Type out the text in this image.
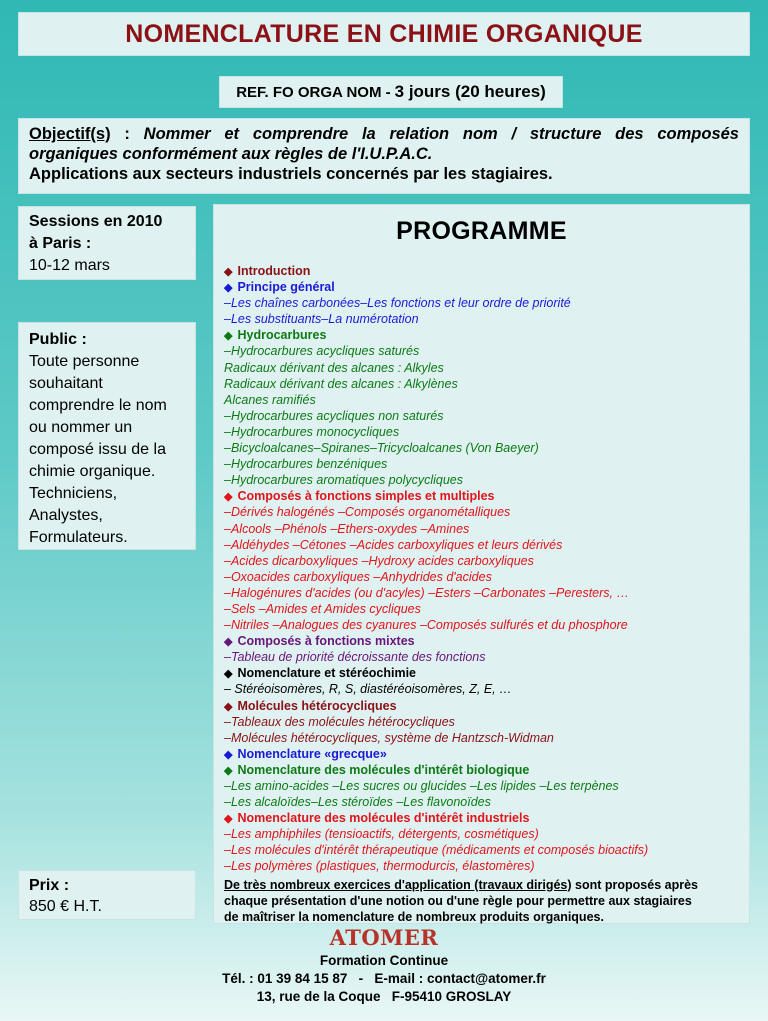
NOMENCLATURE EN CHIMIE ORGANIQUE
REF. FO ORGA NOM - 3 jours (20 heures)
Objectif(s) : Nommer et comprendre la relation nom / structure des composés
organiques conformément aux règles de l'I.U.P.A.C.
Applications aux secteurs industriels concernés par les stagiaires.
Sessions en 2010
à Paris :
10-12 mars
Public :
Toute personne
souhaitant
comprendre le nom
ou nommer un
composé issu de la
chimie organique.
Techniciens,
Analystes,
Formulateurs.
Prix :
850 € H.T.
PROGRAMME
◆ Introduction
◆ Principe général
–Les chaînes carbonées–Les fonctions et leur ordre de priorité
–Les substituants–La numérotation
◆ Hydrocarbures
–Hydrocarbures acycliques saturés
Radicaux dérivant des alcanes : Alkyles
Radicaux dérivant des alcanes : Alkylènes
Alcanes ramifiés
–Hydrocarbures acycliques non saturés
–Hydrocarbures monocycliques
–Bicycloalcanes–Spiranes–Tricycloalcanes (Von Baeyer)
–Hydrocarbures benzéniques
–Hydrocarbures aromatiques polycycliques
◆ Composés à fonctions simples et multiples
–Dérivés halogénés –Composés organométalliques
–Alcools –Phénols –Ethers-oxydes –Amines
–Aldéhydes –Cétones –Acides carboxyliques et leurs dérivés
–Acides dicarboxyliques –Hydroxy acides carboxyliques
–Oxoacides carboxyliques –Anhydrides d'acides
–Halogénures d'acides (ou d'acyles) –Esters –Carbonates –Peresters, …
–Sels –Amides et Amides cycliques
–Nitriles –Analogues des cyanures –Composés sulfurés et du phosphore
◆ Composés à fonctions mixtes
–Tableau de priorité décroissante des fonctions
◆ Nomenclature et stéréochimie
– Stéréoisomères, R, S, diastéréoisomères, Z, E, …
◆ Molécules hétérocycliques
–Tableaux des molécules hétérocycliques
–Molécules hétérocycliques, système de Hantzsch-Widman
◆ Nomenclature «grecque»
◆ Nomenclature des molécules d'intérêt biologique
–Les amino-acides –Les sucres ou glucides –Les lipides –Les terpènes
–Les alcaloïdes–Les stéroïdes –Les flavonoïdes
◆ Nomenclature des molécules d'intérêt industriels
–Les amphiphiles (tensioactifs, détergents, cosmétiques)
–Les molécules d'intérêt thérapeutique (médicaments et composés bioactifs)
–Les polymères (plastiques, thermodurcis, élastomères)
De très nombreux exercices d'application (travaux dirigés) sont proposés après
chaque présentation d'une notion ou d'une règle pour permettre aux stagiaires
de maîtriser la nomenclature de nombreux produits organiques.
ATOMER
Formation Continue
Tél. : 01 39 84 15 87   -   E-mail : contact@atomer.fr
13, rue de la Coque   F-95410 GROSLAY
